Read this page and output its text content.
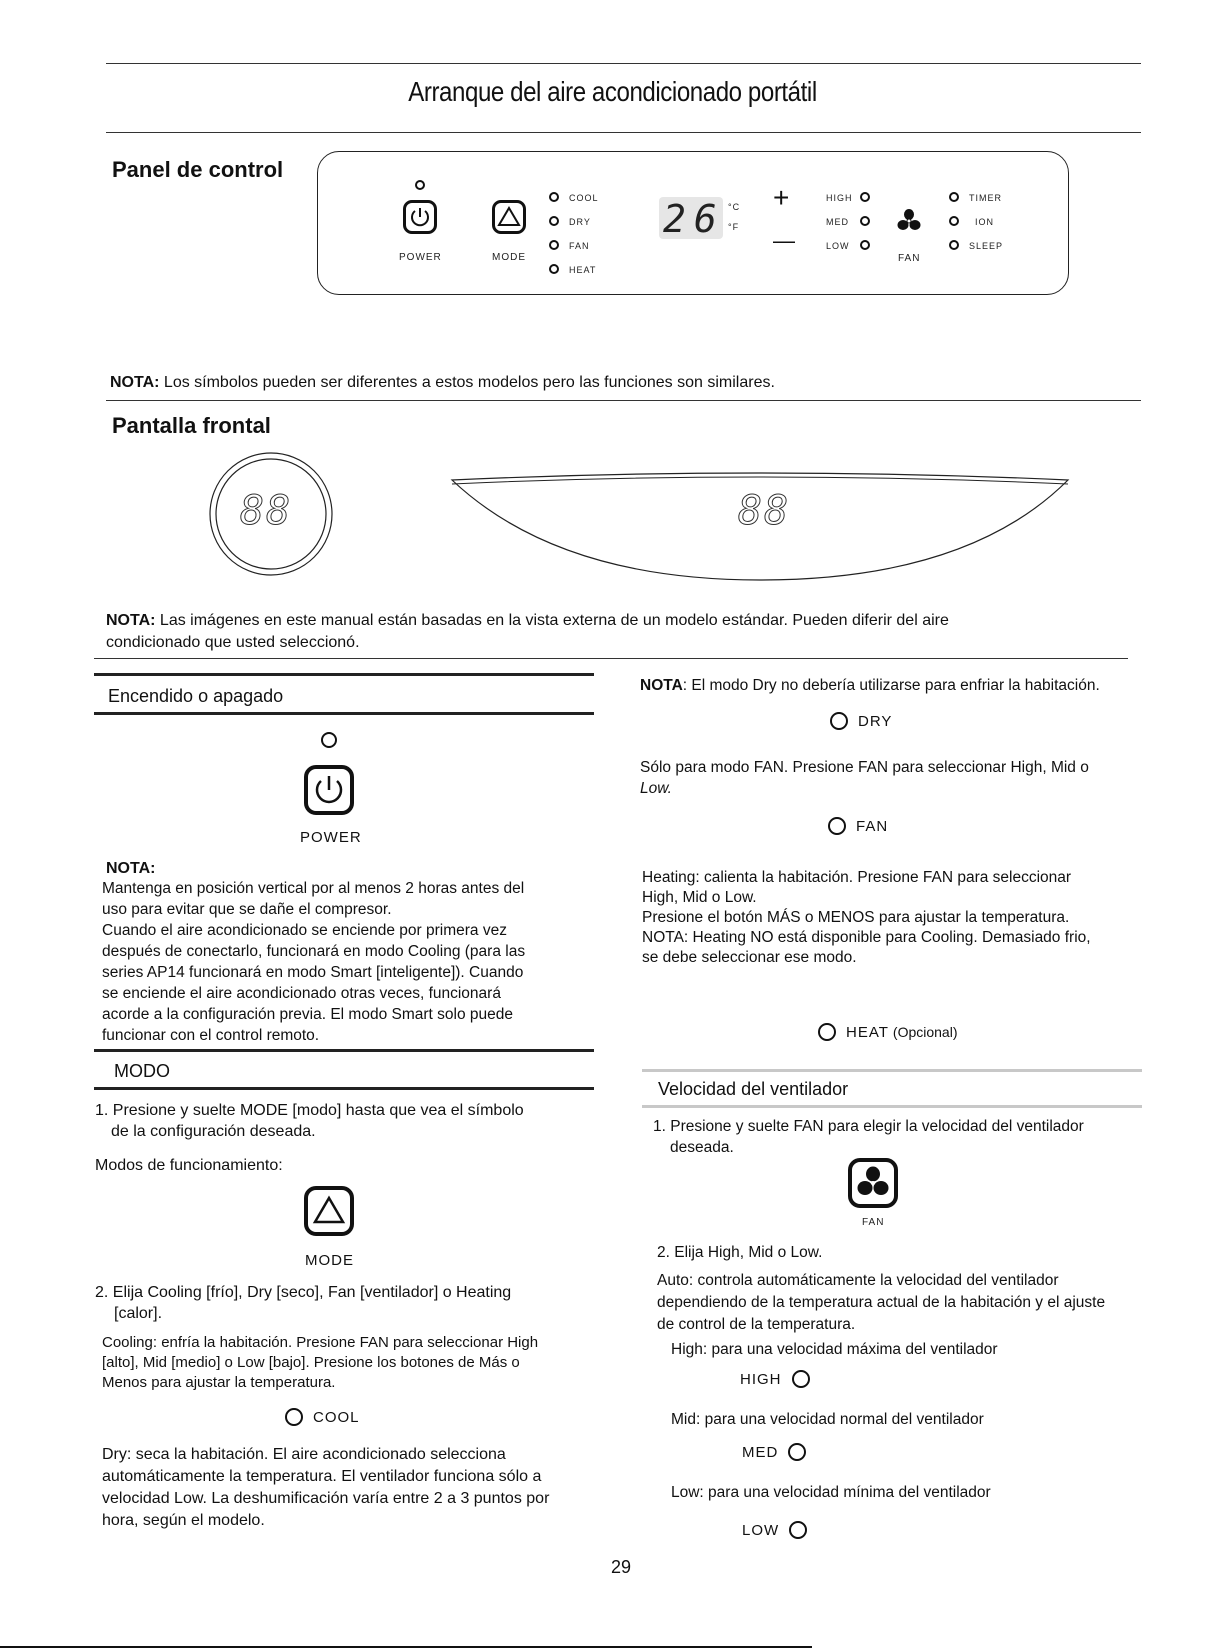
Arranque del aire acondicionado portátil
Panel de control
POWER	MODE
COOL
DRY
FAN
HEAT
26 °C
°F
+
—
HIGH
MED
LOW
FAN
TIMER
ION
SLEEP
NOTA: Los símbolos pueden ser diferentes a estos modelos pero las funciones son similares.
Pantalla frontal
88	88
NOTA: Las imágenes en este manual están basadas en la vista externa de un modelo estándar. Pueden diferir del aire
condicionado que usted seleccionó.
Encendido o apagado
POWER
NOTA:
Mantenga en posición vertical por al menos 2 horas antes del
uso para evitar que se dañe el compresor.
Cuando el aire acondicionado se enciende por primera vez
después de conectarlo, funcionará en modo Cooling (para las
series AP14 funcionará en modo Smart [inteligente]). Cuando
se enciende el aire acondicionado otras veces, funcionará
acorde a la configuración previa. El modo Smart solo puede
funcionar con el control remoto.
MODO
1. Presione y suelte MODE [modo] hasta que vea el símbolo
de la configuración deseada.
Modos de funcionamiento:
MODE
2. Elija Cooling [frío], Dry [seco], Fan [ventilador] o Heating
[calor].
Cooling: enfría la habitación. Presione FAN para seleccionar High
[alto], Mid [medio] o Low [bajo]. Presione los botones de Más o
Menos para ajustar la temperatura.
COOL
Dry: seca la habitación. El aire acondicionado selecciona
automáticamente la temperatura. El ventilador funciona sólo a
velocidad Low. La deshumificación varía entre 2 a 3 puntos por
hora, según el modelo.
NOTA: El modo Dry no debería utilizarse para enfriar la habitación.
DRY
Sólo para modo FAN. Presione FAN para seleccionar High, Mid o
Low.
FAN
Heating: calienta la habitación. Presione FAN para seleccionar
High, Mid o Low.
Presione el botón MÁS o MENOS para ajustar la temperatura.
NOTA: Heating NO está disponible para Cooling. Demasiado frio,
se debe seleccionar ese modo.
HEAT (Opcional)
Velocidad del ventilador
1. Presione y suelte FAN para elegir la velocidad del ventilador
deseada.
FAN
2. Elija High, Mid o Low.
Auto: controla automáticamente la velocidad del ventilador
dependiendo de la temperatura actual de la habitación y el ajuste
de control de la temperatura.
High: para una velocidad máxima del ventilador
HIGH
Mid: para una velocidad normal del ventilador
MED
Low: para una velocidad mínima del ventilador
LOW
29
